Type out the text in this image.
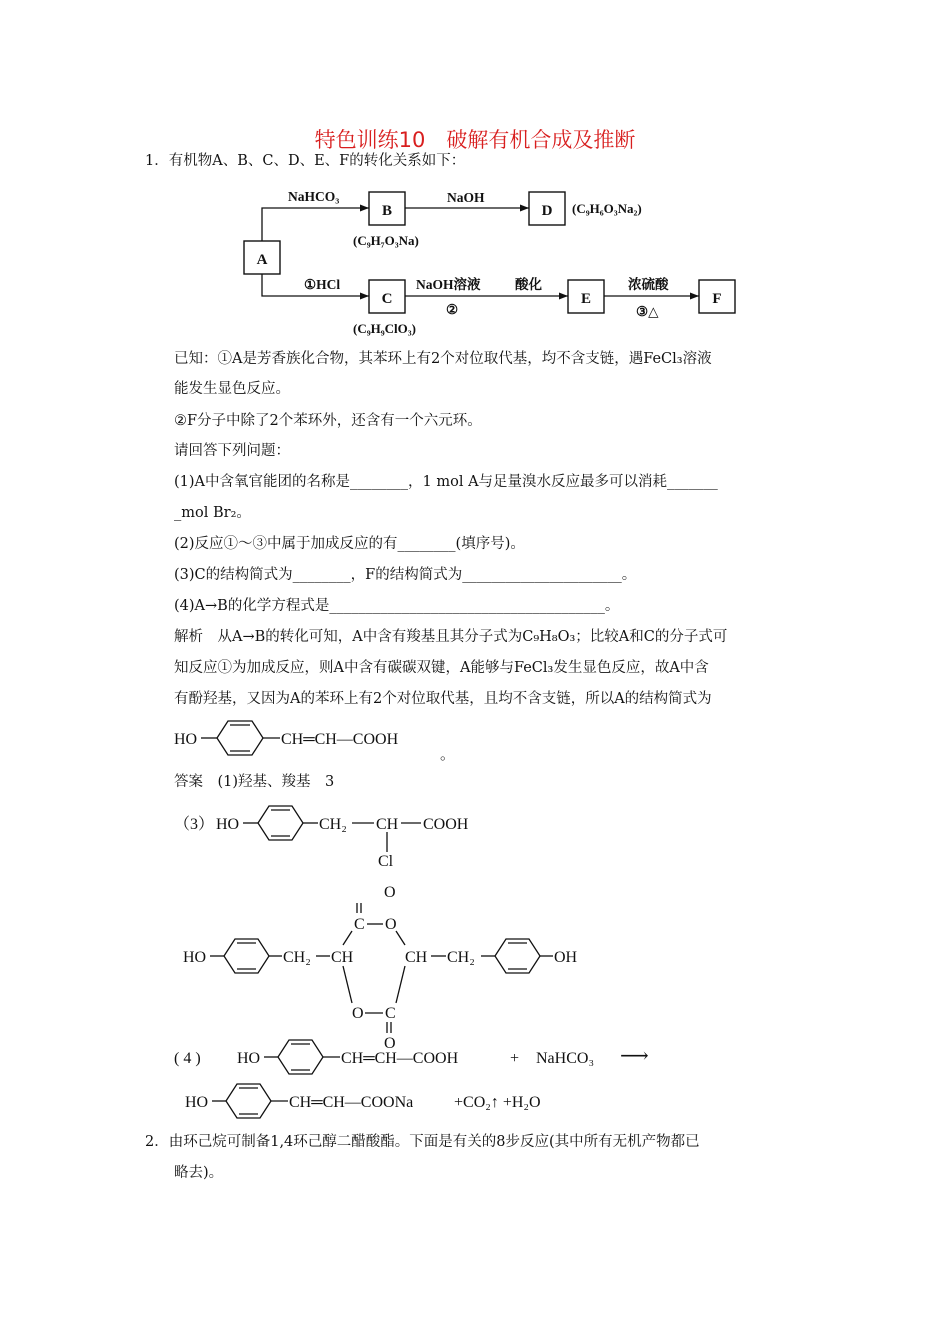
特色训练10　破解有机合成及推断
1．有机物A、B、C、D、E、F的转化关系如下：
A
B	D
C	E	F
NaHCO₃	NaOH
①HCl	NaOH溶液
②
酸化	浓硫酸
③△
(C₉H₇O₃Na)
(C₉H₉ClO₃)
(C₉H₆O₃Na₂)
已知：①A是芳香族化合物，其苯环上有2个对位取代基，均不含支链，遇FeCl₃溶液
能发生显色反应。
②F分子中除了2个苯环外，还含有一个六元环。
请回答下列问题：
(1)A中含氧官能团的名称是________，1 mol A与足量溴水反应最多可以消耗_______
_mol Br₂。
(2)反应①～③中属于加成反应的有________(填序号)。
(3)C的结构简式为________，F的结构简式为______________________。
(4)A→B的化学方程式是______________________________________。
解析　从A→B的转化可知，A中含有羧基且其分子式为C₉H₈O₃；比较A和C的分子式可
知反应①为加成反应，则A中含有碳碳双键，A能够与FeCl₃发生显色反应，故A中含
有酚羟基，又因为A的苯环上有2个对位取代基，且均不含支链，所以A的结构简式为
HO	CH═CH—COOH
。
答案　(1)羟基、羧基　3
（3） HO	CH₂ CH COOH
Cl
HO	CH₂ CH
C O
O
O C
O
CH CH₂	OH
( 4 ) HO	CH═CH—COOH	+ NaHCO₃ ⟶
HO	CH═CH—COONa	+CO₂↑ +H₂O
2．由环己烷可制备1,4环己醇二醋酸酯。下面是有关的8步反应(其中所有无机产物都已
略去)。
